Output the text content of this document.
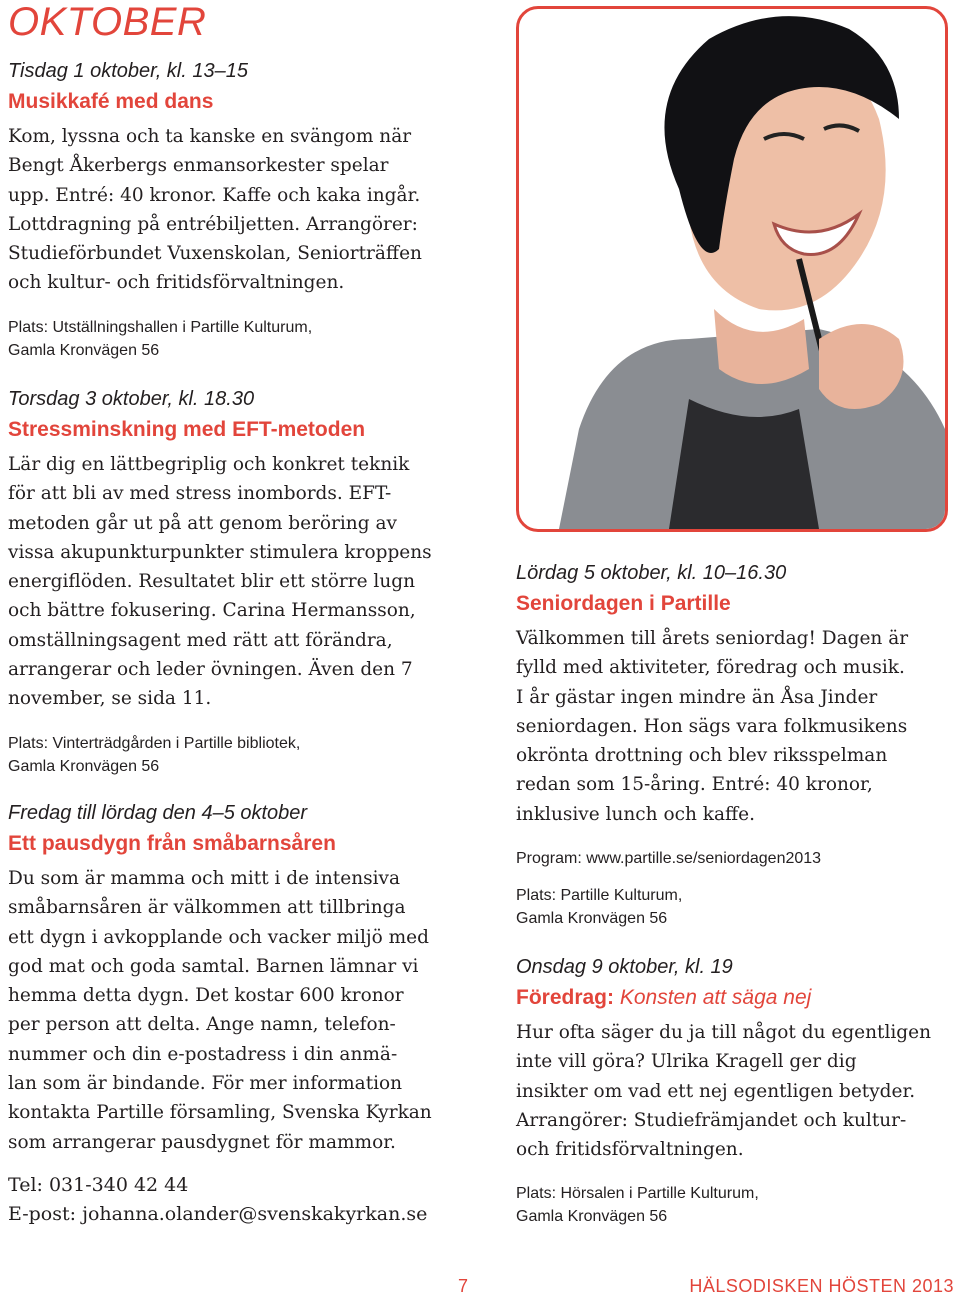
OKTOBER

Tisdag 1 oktober, kl. 13–15

Musikkafé med dans

Kom, lyssna och ta kanske en svängom när
Bengt Åkerbergs enmansorkester spelar
upp. Entré: 40 kronor. Kaffe och kaka ingår.
Lottdragning på entrébiljetten. Arrangörer:
Studieförbundet Vuxenskolan, Seniorträffen
och kultur- och fritidsförvaltningen.

Plats: Utställningshallen i Partille Kulturum,
Gamla Kronvägen 56

Torsdag 3 oktober, kl. 18.30

Stressminskning med EFT-metoden

Lär dig en lättbegriplig och konkret teknik
för att bli av med stress inombords. EFT-
metoden går ut på att genom beröring av
vissa akupunkturpunkter stimulera kroppens
energiflöden. Resultatet blir ett större lugn
och bättre fokusering. Carina Hermansson,
omställningsagent med rätt att förändra,
arrangerar och leder övningen. Även den 7
november, se sida 11.

Plats: Vinterträdgården i Partille bibliotek,
Gamla Kronvägen 56

Fredag till lördag den 4–5 oktober

Ett pausdygn från småbarnsåren

Du som är mamma och mitt i de intensiva
småbarnsåren är välkommen att tillbringa
ett dygn i avkopplande och vacker miljö med
god mat och goda samtal. Barnen lämnar vi
hemma detta dygn. Det kostar 600 kronor
per person att delta. Ange namn, telefon-
nummer och din e-postadress i din anmä-
lan som är bindande. För mer information
kontakta Partille församling, Svenska Kyrkan
som arrangerar pausdygnet för mammor.

Tel: 031-340 42 44
E-post: johanna.olander@svenskakyrkan.se

Lördag 5 oktober, kl. 10–16.30

Seniordagen i Partille

Välkommen till årets seniordag! Dagen är
fylld med aktiviteter, föredrag och musik.
I år gästar ingen mindre än Åsa Jinder
seniordagen. Hon sägs vara folkmusikens
okrönta drottning och blev riksspelman
redan som 15-åring. Entré: 40 kronor,
inklusive lunch och kaffe.

Program: www.partille.se/seniordagen2013

Plats: Partille Kulturum,
Gamla Kronvägen 56

Onsdag 9 oktober, kl. 19

Föredrag: Konsten att säga nej

Hur ofta säger du ja till något du egentligen
inte vill göra? Ulrika Kragell ger dig
insikter om vad ett nej egentligen betyder.
Arrangörer: Studiefrämjandet och kultur-
och fritidsförvaltningen.

Plats: Hörsalen i Partille Kulturum,
Gamla Kronvägen 56

7	HÄLSODISKEN HÖSTEN 2013
